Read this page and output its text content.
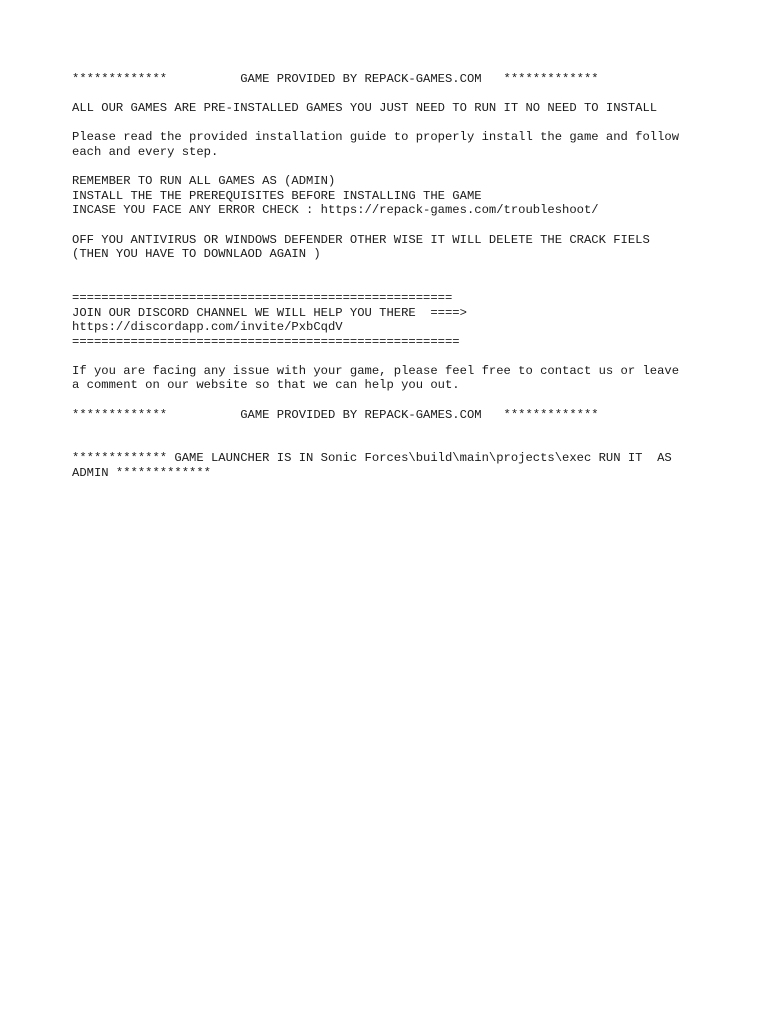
*************          GAME PROVIDED BY REPACK-GAMES.COM   *************
ALL OUR GAMES ARE PRE-INSTALLED GAMES YOU JUST NEED TO RUN IT NO NEED TO INSTALL
Please read the provided installation guide to properly install the game and follow
each and every step.
REMEMBER TO RUN ALL GAMES AS (ADMIN)
INSTALL THE THE PREREQUISITES BEFORE INSTALLING THE GAME
INCASE YOU FACE ANY ERROR CHECK : https://repack-games.com/troubleshoot/
OFF YOU ANTIVIRUS OR WINDOWS DEFENDER OTHER WISE IT WILL DELETE THE CRACK FIELS
(THEN YOU HAVE TO DOWNLAOD AGAIN )
====================================================
JOIN OUR DISCORD CHANNEL WE WILL HELP YOU THERE  ====>
https://discordapp.com/invite/PxbCqdV
=====================================================
If you are facing any issue with your game, please feel free to contact us or leave
a comment on our website so that we can help you out.
*************          GAME PROVIDED BY REPACK-GAMES.COM   *************
************* GAME LAUNCHER IS IN Sonic Forces\build\main\projects\exec RUN IT  AS
ADMIN *************
